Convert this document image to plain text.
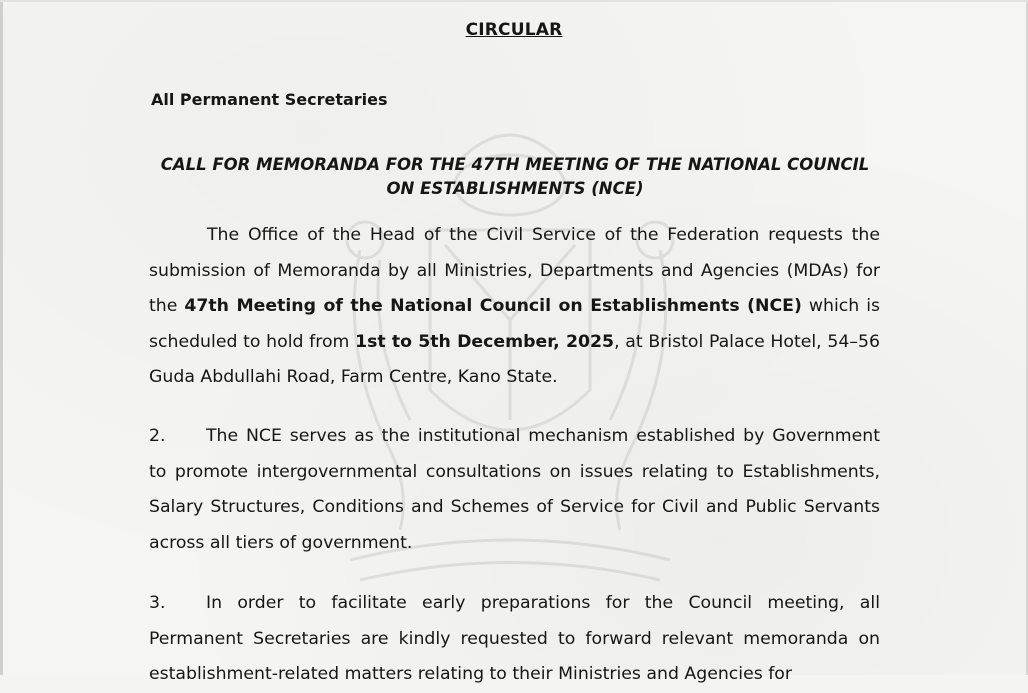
CIRCULAR
All Permanent Secretaries
CALL FOR MEMORANDA FOR THE 47TH MEETING OF THE NATIONAL COUNCIL
ON ESTABLISHMENTS (NCE)
The Office of the Head of the Civil Service of the Federation requests the submission of Memoranda by all Ministries, Departments and Agencies (MDAs) for the 47th Meeting of the National Council on Establishments (NCE) which is scheduled to hold from 1st to 5th December, 2025, at Bristol Palace Hotel, 54–56 Guda Abdullahi Road, Farm Centre, Kano State.
2. The NCE serves as the institutional mechanism established by Government to promote intergovernmental consultations on issues relating to Establishments, Salary Structures, Conditions and Schemes of Service for Civil and Public Servants across all tiers of government.
3. In order to facilitate early preparations for the Council meeting, all Permanent Secretaries are kindly requested to forward relevant memoranda on establishment-related matters relating to their Ministries and Agencies for
